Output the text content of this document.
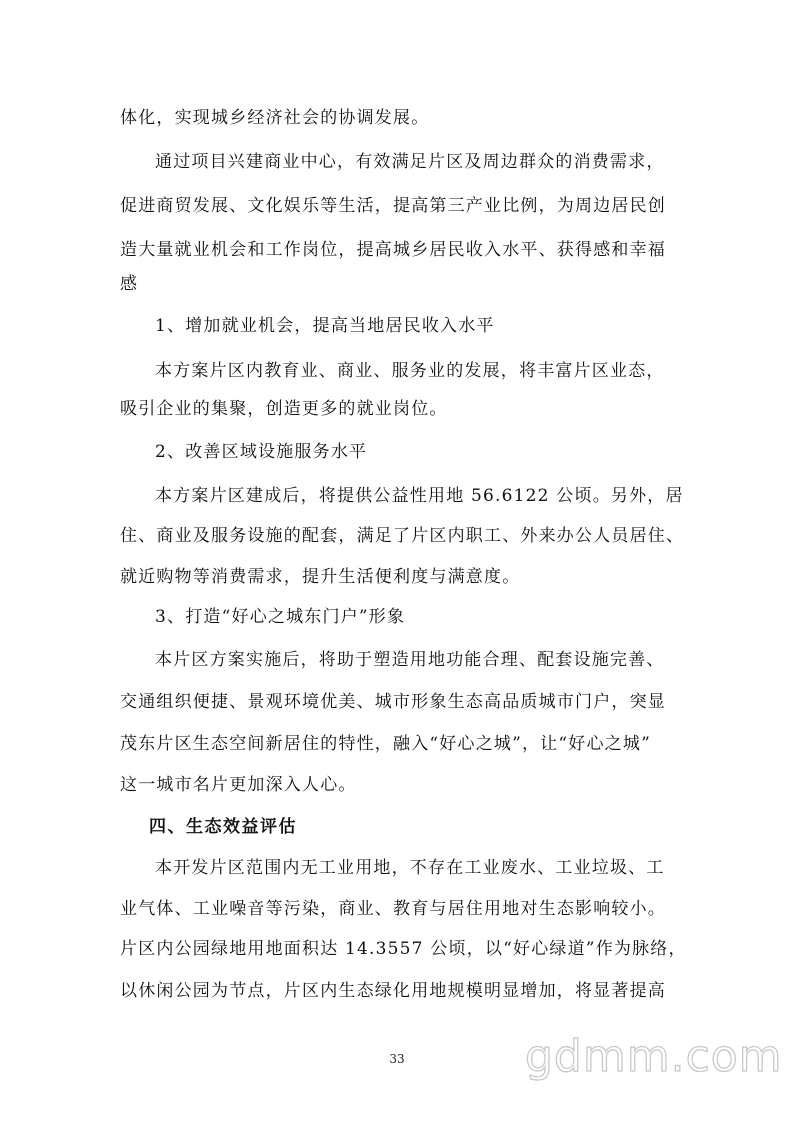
体化，实现城乡经济社会的协调发展。
通过项目兴建商业中心，有效满足片区及周边群众的消费需求，
促进商贸发展、文化娱乐等生活，提高第三产业比例，为周边居民创
造大量就业机会和工作岗位，提高城乡居民收入水平、获得感和幸福
感
1、增加就业机会，提高当地居民收入水平
本方案片区内教育业、商业、服务业的发展，将丰富片区业态，
吸引企业的集聚，创造更多的就业岗位。
2、改善区域设施服务水平
本方案片区建成后，将提供公益性用地 56.6122 公顷。另外，居
住、商业及服务设施的配套，满足了片区内职工、外来办公人员居住、
就近购物等消费需求，提升生活便利度与满意度。
3、打造“好心之城东门户”形象
本片区方案实施后，将助于塑造用地功能合理、配套设施完善、
交通组织便捷、景观环境优美、城市形象生态高品质城市门户，突显
茂东片区生态空间新居住的特性，融入“好心之城”，让“好心之城”
这一城市名片更加深入人心。
四、生态效益评估
本开发片区范围内无工业用地，不存在工业废水、工业垃圾、工
业气体、工业噪音等污染，商业、教育与居住用地对生态影响较小。
片区内公园绿地用地面积达 14.3557 公顷，以“好心绿道”作为脉络，
以休闲公园为节点，片区内生态绿化用地规模明显增加，将显著提高
33	gdmm.com
